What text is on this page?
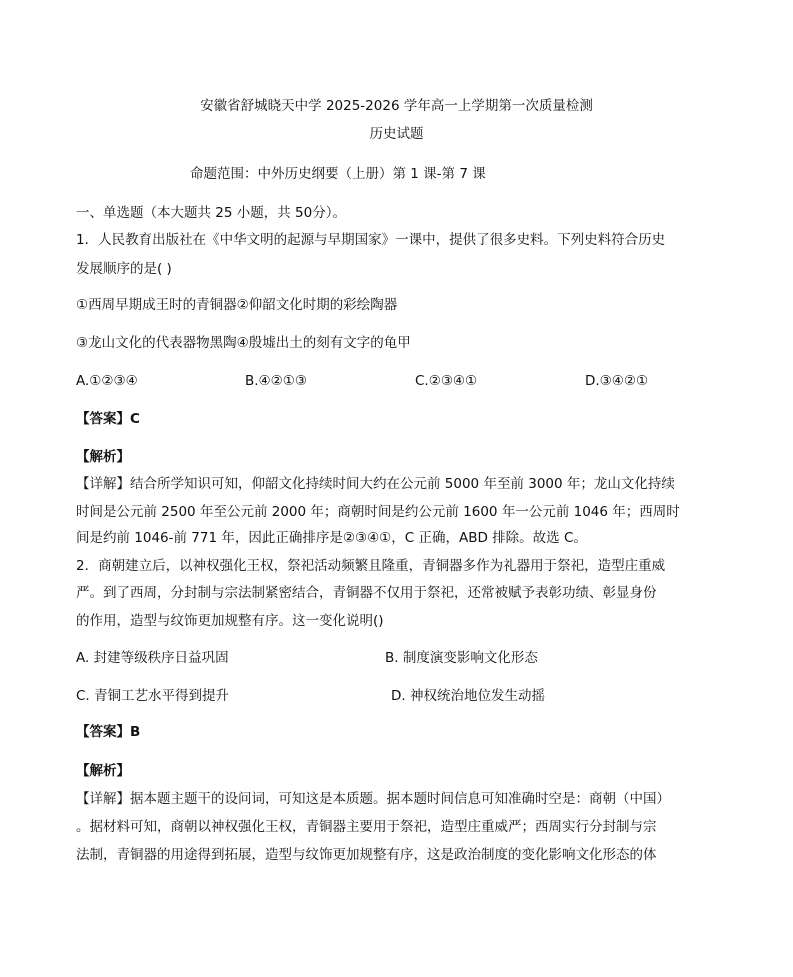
安徽省舒城晓天中学 2025-2026 学年高一上学期第一次质量检测
历史试题
命题范围：中外历史纲要（上册）第 1 课-第 7 课
一、单选题（本大题共 25 小题，共 50分）。
1．人民教育出版社在《中华文明的起源与早期国家》一课中，提供了很多史料。下列史料符合历史
发展顺序的是( )
①西周早期成王时的青铜器②仰韶文化时期的彩绘陶器
③龙山文化的代表器物黑陶④殷墟出土的刻有文字的龟甲
A.①②③④	B.④②①③	C.②③④①	D.③④②①
【答案】C
【解析】
【详解】结合所学知识可知，仰韶文化持续时间大约在公元前 5000 年至前 3000 年；龙山文化持续
时间是公元前 2500 年至公元前 2000 年；商朝时间是约公元前 1600 年一公元前 1046 年；西周时
间是约前 1046-前 771 年，因此正确排序是②③④①，C 正确，ABD 排除。故选 C。
2．商朝建立后，以神权强化王权，祭祀活动频繁且隆重，青铜器多作为礼器用于祭祀，造型庄重威
严。到了西周，分封制与宗法制紧密结合，青铜器不仅用于祭祀，还常被赋予表彰功绩、彰显身份
的作用，造型与纹饰更加规整有序。这一变化说明()
A. 封建等级秩序日益巩固	B. 制度演变影响文化形态
C. 青铜工艺水平得到提升	D. 神权统治地位发生动摇
【答案】B
【解析】
【详解】据本题主题干的设问词，可知这是本质题。据本题时间信息可知准确时空是：商朝（中国）
。据材料可知，商朝以神权强化王权，青铜器主要用于祭祀，造型庄重威严；西周实行分封制与宗
法制，青铜器的用途得到拓展，造型与纹饰更加规整有序，这是政治制度的变化影响文化形态的体
